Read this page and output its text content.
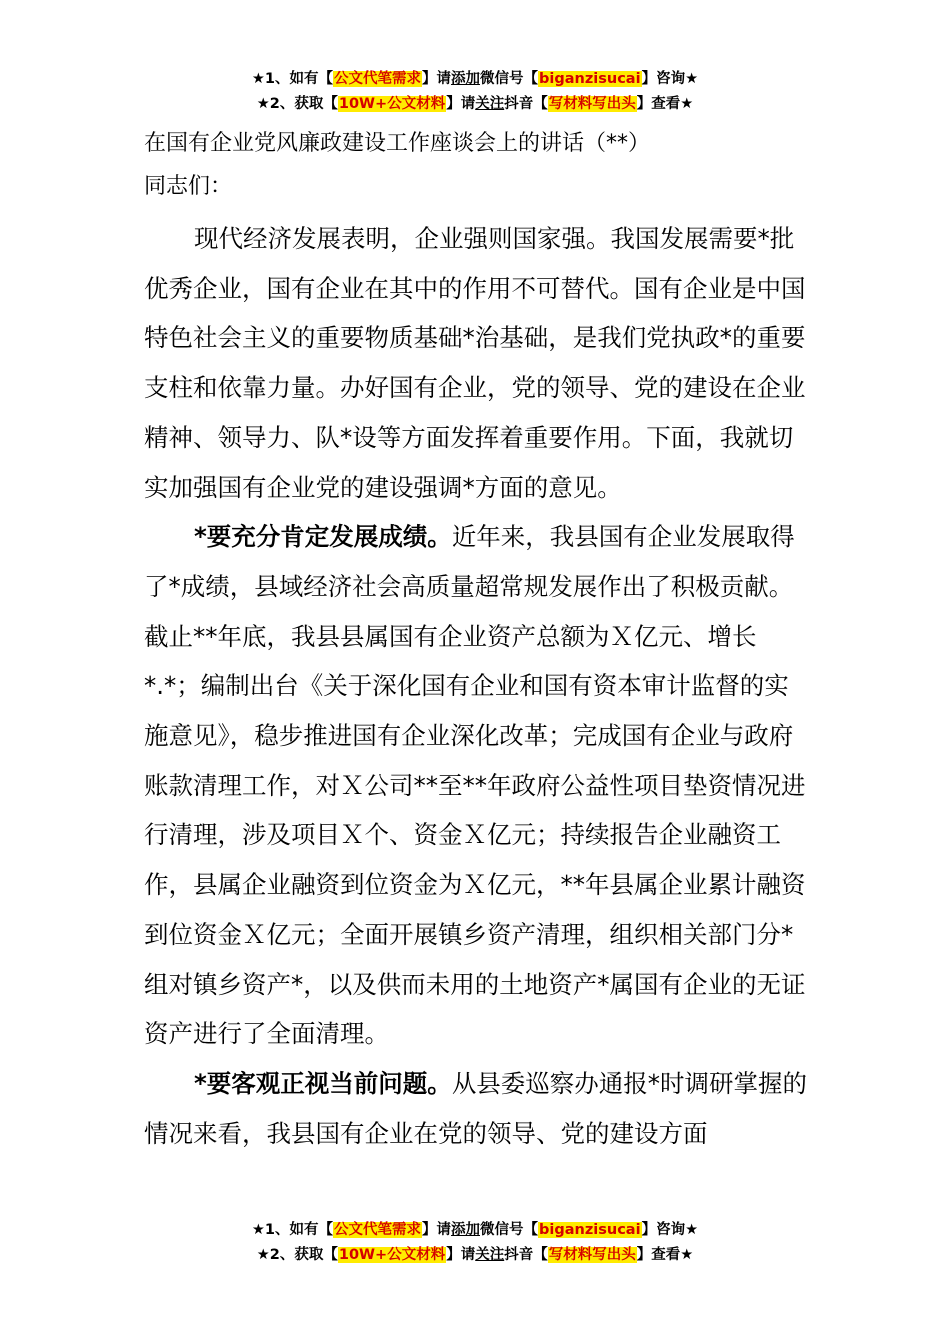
★1、如有【公文代笔需求】请添加微信号【biganzisucai】咨询★
★2、获取【10W+公文材料】请关注抖音【写材料写出头】查看★
在国有企业党风廉政建设工作座谈会上的讲话（**）
同志们：

现代经济发展表明，企业强则国家强。我国发展需要*批优秀企业，国有企业在其中的作用不可替代。国有企业是中国特色社会主义的重要物质基础*治基础，是我们党执政*的重要支柱和依靠力量。办好国有企业，党的领导、党的建设在企业精神、领导力、队*设等方面发挥着重要作用。下面，我就切实加强国有企业党的建设强调*方面的意见。

*要充分肯定发展成绩。近年来，我县国有企业发展取得了*成绩，县域经济社会高质量超常规发展作出了积极贡献。截止**年底，我县县属国有企业资产总额为Ｘ亿元、增长*.*；编制出台《关于深化国有企业和国有资本审计监督的实施意见》，稳步推进国有企业深化改革；完成国有企业与政府账款清理工作，对Ｘ公司**至**年政府公益性项目垫资情况进行清理，涉及项目Ｘ个、资金Ｘ亿元；持续报告企业融资工作，县属企业融资到位资金为Ｘ亿元，**年县属企业累计融资到位资金Ｘ亿元；全面开展镇乡资产清理，组织相关部门分*组对镇乡资产*，以及供而未用的土地资产*属国有企业的无证资产进行了全面清理。

*要客观正视当前问题。从县委巡察办通报*时调研掌握的情况来看，我县国有企业在党的领导、党的建设方面

★1、如有【公文代笔需求】请添加微信号【biganzisucai】咨询★
★2、获取【10W+公文材料】请关注抖音【写材料写出头】查看★
